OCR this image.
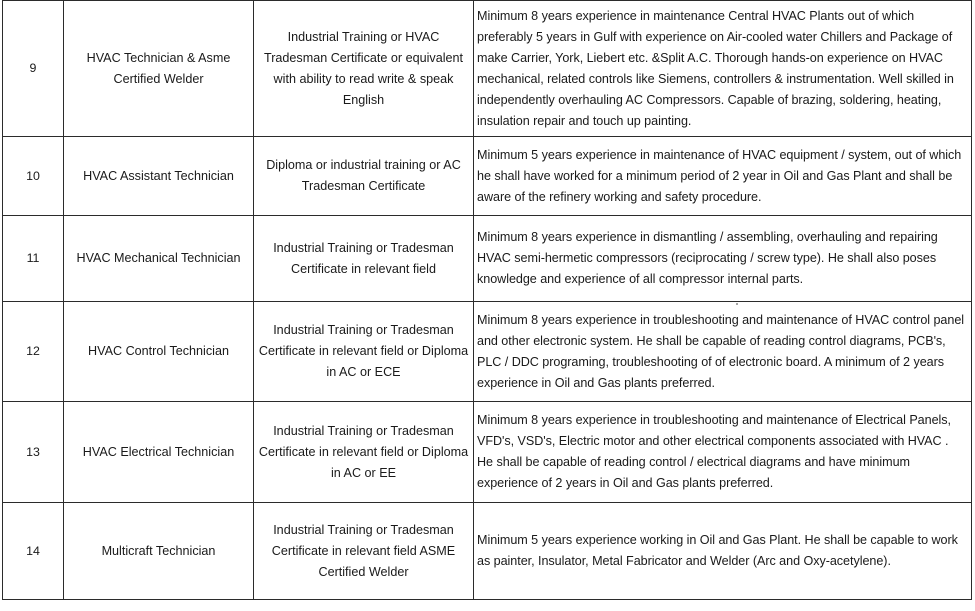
9	HVAC Technician & Asme Certified Welder	Industrial Training or HVAC Tradesman Certificate or equivalent with ability to read write & speak English	Minimum 8 years experience in maintenance Central HVAC Plants out of which preferably 5 years in Gulf with experience on Air-cooled water Chillers and Package of make Carrier, York, Liebert etc. &Split A.C. Thorough hands-on experience on HVAC mechanical, related controls like Siemens, controllers & instrumentation. Well skilled in independently overhauling AC Compressors. Capable of brazing, soldering, heating, insulation repair and touch up painting.
10	HVAC Assistant Technician	Diploma or industrial training or AC Tradesman Certificate	Minimum 5 years experience in maintenance of HVAC equipment / system, out of which he shall have worked for a minimum period of 2 year in Oil and Gas Plant and shall be aware of the refinery working and safety procedure.
11	HVAC Mechanical Technician	Industrial Training or Tradesman Certificate in relevant field	Minimum 8 years experience in dismantling / assembling, overhauling and repairing HVAC semi-hermetic compressors (reciprocating / screw type). He shall also poses knowledge and experience of all compressor internal parts.
12	HVAC Control Technician	Industrial Training or Tradesman Certificate in relevant field or Diploma in AC or ECE	Minimum 8 years experience in troubleshooting and maintenance of HVAC control panel and other electronic system. He shall be capable of reading control diagrams, PCB's, PLC / DDC programing, troubleshooting of of electronic board. A minimum of 2 years experience in Oil and Gas plants preferred.
13	HVAC Electrical Technician	Industrial Training or Tradesman Certificate in relevant field or Diploma in AC or EE	Minimum 8 years experience in troubleshooting and maintenance of Electrical Panels, VFD's, VSD's, Electric motor and other electrical components associated with HVAC . He shall be capable of reading control / electrical diagrams and have minimum experience of 2 years in Oil and Gas plants preferred.
14	Multicraft Technician	Industrial Training or Tradesman Certificate in relevant field ASME Certified Welder	Minimum 5 years experience working in Oil and Gas Plant. He shall be capable to work as painter, Insulator, Metal Fabricator and Welder (Arc and Oxy-acetylene).
